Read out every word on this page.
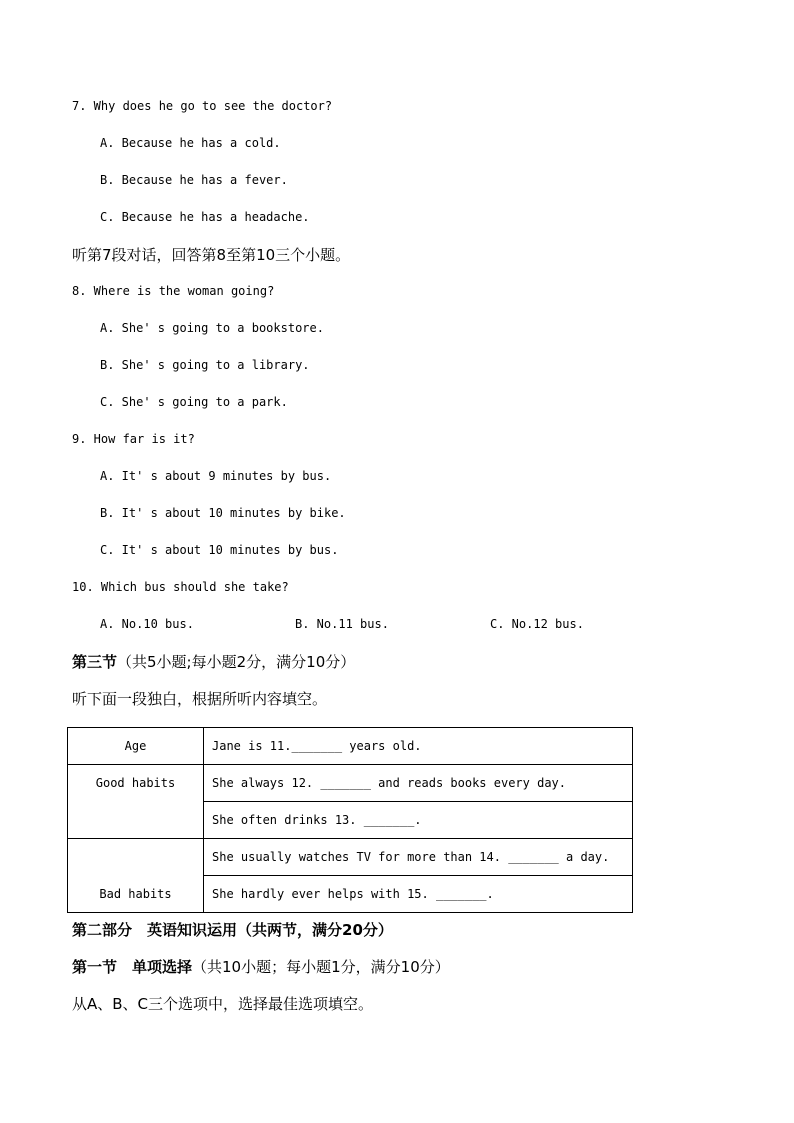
7. Why does he go to see the doctor?

A. Because he has a cold.

B. Because he has a fever.

C. Because he has a headache.

听第7段对话，回答第8至第10三个小题。

8. Where is the woman going?

A. She' s going to a bookstore.

B. She' s going to a library.

C. She' s going to a park.

9. How far is it?

A. It' s about 9 minutes by bus.

B. It' s about 10 minutes by bike.

C. It' s about 10 minutes by bus.

10. Which bus should she take?

A. No.10 bus.	B. No.11 bus.	C. No.12 bus.

第三节（共5小题;每小题2分，满分10分）

听下面一段独白，根据所听内容填空。

Age	Jane is 11._______ years old.
Good habits	She always 12. _______ and reads books every day.
	She often drinks 13. _______.
Bad habits	She usually watches TV for more than 14. _______ a day.
	She hardly ever helps with 15. _______.

第二部分　英语知识运用（共两节，满分20分）

第一节　单项选择（共10小题；每小题1分，满分10分）

从A、B、C三个选项中，选择最佳选项填空。
